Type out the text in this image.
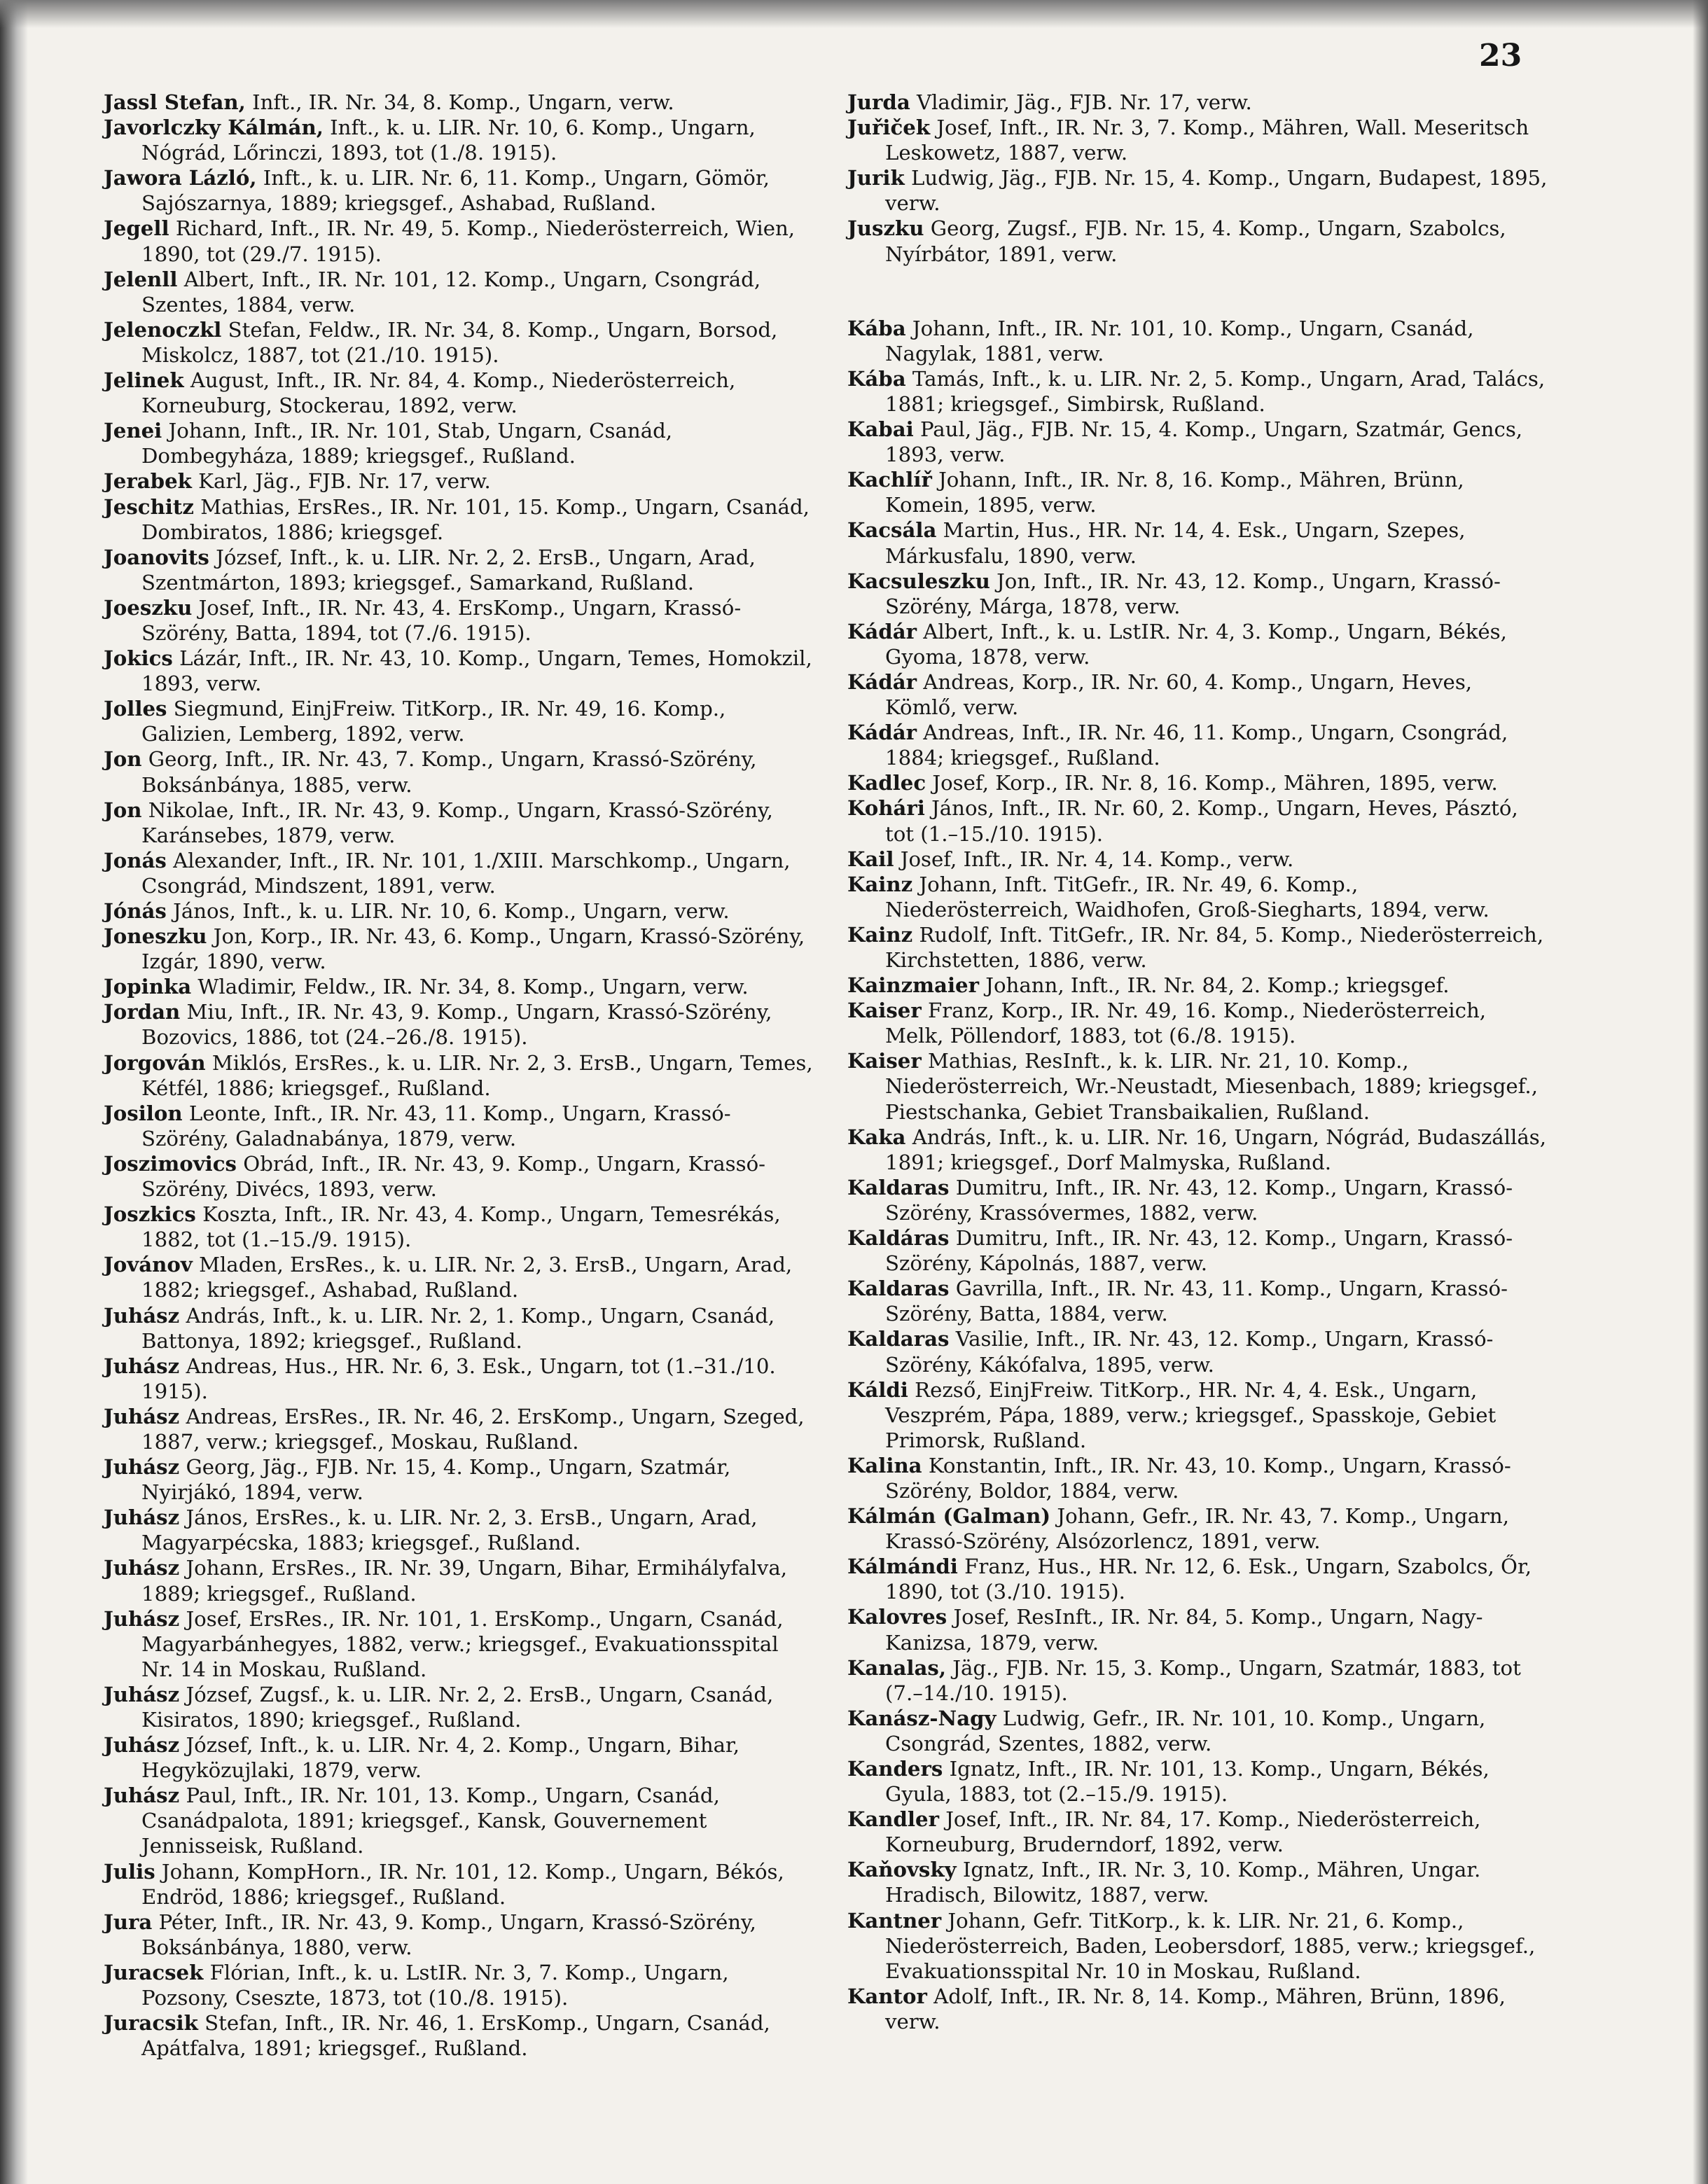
23
Jassl Stefan, Inft., IR. Nr. 34, 8. Komp., Ungarn, verw.
Javorlczky Kálmán, Inft., k. u. LIR. Nr. 10, 6. Komp., Ungarn, Nógrád, Lőrinczi, 1893, tot (1./8. 1915).
Jawora Lázló, Inft., k. u. LIR. Nr. 6, 11. Komp., Ungarn, Gömör, Sajószarnya, 1889; kriegsgef., Ashabad, Rußland.
Jegell Richard, Inft., IR. Nr. 49, 5. Komp., Niederösterreich, Wien, 1890, tot (29./7. 1915).
Jelenll Albert, Inft., IR. Nr. 101, 12. Komp., Ungarn, Csongrád, Szentes, 1884, verw.
Jelenoczkl Stefan, Feldw., IR. Nr. 34, 8. Komp., Ungarn, Borsod, Miskolcz, 1887, tot (21./10. 1915).
Jelinek August, Inft., IR. Nr. 84, 4. Komp., Niederösterreich, Korneuburg, Stockerau, 1892, verw.
Jenei Johann, Inft., IR. Nr. 101, Stab, Ungarn, Csanád, Dombegyháza, 1889; kriegsgef., Rußland.
Jerabek Karl, Jäg., FJB. Nr. 17, verw.
Jeschitz Mathias, ErsRes., IR. Nr. 101, 15. Komp., Ungarn, Csanád, Dombiratos, 1886; kriegsgef.
Joanovits József, Inft., k. u. LIR. Nr. 2, 2. ErsB., Ungarn, Arad, Szentmárton, 1893; kriegsgef., Samarkand, Rußland.
Joeszku Josef, Inft., IR. Nr. 43, 4. ErsKomp., Ungarn, Krassó-Szörény, Batta, 1894, tot (7./6. 1915).
Jokics Lázár, Inft., IR. Nr. 43, 10. Komp., Ungarn, Temes, Homokzil, 1893, verw.
Jolles Siegmund, EinjFreiw. TitKorp., IR. Nr. 49, 16. Komp., Galizien, Lemberg, 1892, verw.
Jon Georg, Inft., IR. Nr. 43, 7. Komp., Ungarn, Krassó-Szörény, Boksánbánya, 1885, verw.
Jon Nikolae, Inft., IR. Nr. 43, 9. Komp., Ungarn, Krassó-Szörény, Karánsebes, 1879, verw.
Jonás Alexander, Inft., IR. Nr. 101, 1./XIII. Marschkomp., Ungarn, Csongrád, Mindszent, 1891, verw.
Jónás János, Inft., k. u. LIR. Nr. 10, 6. Komp., Ungarn, verw.
Joneszku Jon, Korp., IR. Nr. 43, 6. Komp., Ungarn, Krassó-Szörény, Izgár, 1890, verw.
Jopinka Wladimir, Feldw., IR. Nr. 34, 8. Komp., Ungarn, verw.
Jordan Miu, Inft., IR. Nr. 43, 9. Komp., Ungarn, Krassó-Szörény, Bozovics, 1886, tot (24.–26./8. 1915).
Jorgován Miklós, ErsRes., k. u. LIR. Nr. 2, 3. ErsB., Ungarn, Temes, Kétfél, 1886; kriegsgef., Rußland.
Josilon Leonte, Inft., IR. Nr. 43, 11. Komp., Ungarn, Krassó-Szörény, Galadnabánya, 1879, verw.
Joszimovics Obrád, Inft., IR. Nr. 43, 9. Komp., Ungarn, Krassó-Szörény, Divécs, 1893, verw.
Joszkics Koszta, Inft., IR. Nr. 43, 4. Komp., Ungarn, Temesrékás, 1882, tot (1.–15./9. 1915).
Jovánov Mladen, ErsRes., k. u. LIR. Nr. 2, 3. ErsB., Ungarn, Arad, 1882; kriegsgef., Ashabad, Rußland.
Juhász András, Inft., k. u. LIR. Nr. 2, 1. Komp., Ungarn, Csanád, Battonya, 1892; kriegsgef., Rußland.
Juhász Andreas, Hus., HR. Nr. 6, 3. Esk., Ungarn, tot (1.–31./10. 1915).
Juhász Andreas, ErsRes., IR. Nr. 46, 2. ErsKomp., Ungarn, Szeged, 1887, verw.; kriegsgef., Moskau, Rußland.
Juhász Georg, Jäg., FJB. Nr. 15, 4. Komp., Ungarn, Szatmár, Nyirjákó, 1894, verw.
Juhász János, ErsRes., k. u. LIR. Nr. 2, 3. ErsB., Ungarn, Arad, Magyarpécska, 1883; kriegsgef., Rußland.
Juhász Johann, ErsRes., IR. Nr. 39, Ungarn, Bihar, Ermihályfalva, 1889; kriegsgef., Rußland.
Juhász Josef, ErsRes., IR. Nr. 101, 1. ErsKomp., Ungarn, Csanád, Magyarbánhegyes, 1882, verw.; kriegsgef., Evakuationsspital Nr. 14 in Moskau, Rußland.
Juhász József, Zugsf., k. u. LIR. Nr. 2, 2. ErsB., Ungarn, Csanád, Kisiratos, 1890; kriegsgef., Rußland.
Juhász József, Inft., k. u. LIR. Nr. 4, 2. Komp., Ungarn, Bihar, Hegyközujlaki, 1879, verw.
Juhász Paul, Inft., IR. Nr. 101, 13. Komp., Ungarn, Csanád, Csanádpalota, 1891; kriegsgef., Kansk, Gouvernement Jennisseisk, Rußland.
Julis Johann, KompHorn., IR. Nr. 101, 12. Komp., Ungarn, Békós, Endröd, 1886; kriegsgef., Rußland.
Jura Péter, Inft., IR. Nr. 43, 9. Komp., Ungarn, Krassó-Szörény, Boksánbánya, 1880, verw.
Juracsek Flórian, Inft., k. u. LstIR. Nr. 3, 7. Komp., Ungarn, Pozsony, Cseszte, 1873, tot (10./8. 1915).
Juracsik Stefan, Inft., IR. Nr. 46, 1. ErsKomp., Ungarn, Csanád, Apátfalva, 1891; kriegsgef., Rußland.
Jurda Vladimir, Jäg., FJB. Nr. 17, verw.
Juřiček Josef, Inft., IR. Nr. 3, 7. Komp., Mähren, Wall. Meseritsch Leskowetz, 1887, verw.
Jurik Ludwig, Jäg., FJB. Nr. 15, 4. Komp., Ungarn, Budapest, 1895, verw.
Juszku Georg, Zugsf., FJB. Nr. 15, 4. Komp., Ungarn, Szabolcs, Nyírbátor, 1891, verw.
Kába Johann, Inft., IR. Nr. 101, 10. Komp., Ungarn, Csanád, Nagylak, 1881, verw.
Kába Tamás, Inft., k. u. LIR. Nr. 2, 5. Komp., Ungarn, Arad, Talács, 1881; kriegsgef., Simbirsk, Rußland.
Kabai Paul, Jäg., FJB. Nr. 15, 4. Komp., Ungarn, Szatmár, Gencs, 1893, verw.
Kachlíř Johann, Inft., IR. Nr. 8, 16. Komp., Mähren, Brünn, Komein, 1895, verw.
Kacsála Martin, Hus., HR. Nr. 14, 4. Esk., Ungarn, Szepes, Márkusfalu, 1890, verw.
Kacsuleszku Jon, Inft., IR. Nr. 43, 12. Komp., Ungarn, Krassó-Szörény, Márga, 1878, verw.
Kádár Albert, Inft., k. u. LstIR. Nr. 4, 3. Komp., Ungarn, Békés, Gyoma, 1878, verw.
Kádár Andreas, Korp., IR. Nr. 60, 4. Komp., Ungarn, Heves, Kömlő, verw.
Kádár Andreas, Inft., IR. Nr. 46, 11. Komp., Ungarn, Csongrád, 1884; kriegsgef., Rußland.
Kadlec Josef, Korp., IR. Nr. 8, 16. Komp., Mähren, 1895, verw.
Kohári János, Inft., IR. Nr. 60, 2. Komp., Ungarn, Heves, Pásztó, tot (1.–15./10. 1915).
Kail Josef, Inft., IR. Nr. 4, 14. Komp., verw.
Kainz Johann, Inft. TitGefr., IR. Nr. 49, 6. Komp., Niederösterreich, Waidhofen, Groß-Siegharts, 1894, verw.
Kainz Rudolf, Inft. TitGefr., IR. Nr. 84, 5. Komp., Niederösterreich, Kirchstetten, 1886, verw.
Kainzmaier Johann, Inft., IR. Nr. 84, 2. Komp.; kriegsgef.
Kaiser Franz, Korp., IR. Nr. 49, 16. Komp., Niederösterreich, Melk, Pöllendorf, 1883, tot (6./8. 1915).
Kaiser Mathias, ResInft., k. k. LIR. Nr. 21, 10. Komp., Niederösterreich, Wr.-Neustadt, Miesenbach, 1889; kriegsgef., Piestschanka, Gebiet Transbaikalien, Rußland.
Kaka András, Inft., k. u. LIR. Nr. 16, Ungarn, Nógrád, Budaszállás, 1891; kriegsgef., Dorf Malmyska, Rußland.
Kaldaras Dumitru, Inft., IR. Nr. 43, 12. Komp., Ungarn, Krassó-Szörény, Krassóvermes, 1882, verw.
Kaldáras Dumitru, Inft., IR. Nr. 43, 12. Komp., Ungarn, Krassó-Szörény, Kápolnás, 1887, verw.
Kaldaras Gavrilla, Inft., IR. Nr. 43, 11. Komp., Ungarn, Krassó-Szörény, Batta, 1884, verw.
Kaldaras Vasilie, Inft., IR. Nr. 43, 12. Komp., Ungarn, Krassó-Szörény, Kákófalva, 1895, verw.
Káldi Rezső, EinjFreiw. TitKorp., HR. Nr. 4, 4. Esk., Ungarn, Veszprém, Pápa, 1889, verw.; kriegsgef., Spasskoje, Gebiet Primorsk, Rußland.
Kalina Konstantin, Inft., IR. Nr. 43, 10. Komp., Ungarn, Krassó-Szörény, Boldor, 1884, verw.
Kálmán (Galman) Johann, Gefr., IR. Nr. 43, 7. Komp., Ungarn, Krassó-Szörény, Alsózorlencz, 1891, verw.
Kálmándi Franz, Hus., HR. Nr. 12, 6. Esk., Ungarn, Szabolcs, Őr, 1890, tot (3./10. 1915).
Kalovres Josef, ResInft., IR. Nr. 84, 5. Komp., Ungarn, Nagy-Kanizsa, 1879, verw.
Kanalas, Jäg., FJB. Nr. 15, 3. Komp., Ungarn, Szatmár, 1883, tot (7.–14./10. 1915).
Kanász-Nagy Ludwig, Gefr., IR. Nr. 101, 10. Komp., Ungarn, Csongrád, Szentes, 1882, verw.
Kanders Ignatz, Inft., IR. Nr. 101, 13. Komp., Ungarn, Békés, Gyula, 1883, tot (2.–15./9. 1915).
Kandler Josef, Inft., IR. Nr. 84, 17. Komp., Niederösterreich, Korneuburg, Bruderndorf, 1892, verw.
Kaňovsky Ignatz, Inft., IR. Nr. 3, 10. Komp., Mähren, Ungar. Hradisch, Bilowitz, 1887, verw.
Kantner Johann, Gefr. TitKorp., k. k. LIR. Nr. 21, 6. Komp., Niederösterreich, Baden, Leobersdorf, 1885, verw.; kriegsgef., Evakuationsspital Nr. 10 in Moskau, Rußland.
Kantor Adolf, Inft., IR. Nr. 8, 14. Komp., Mähren, Brünn, 1896, verw.
